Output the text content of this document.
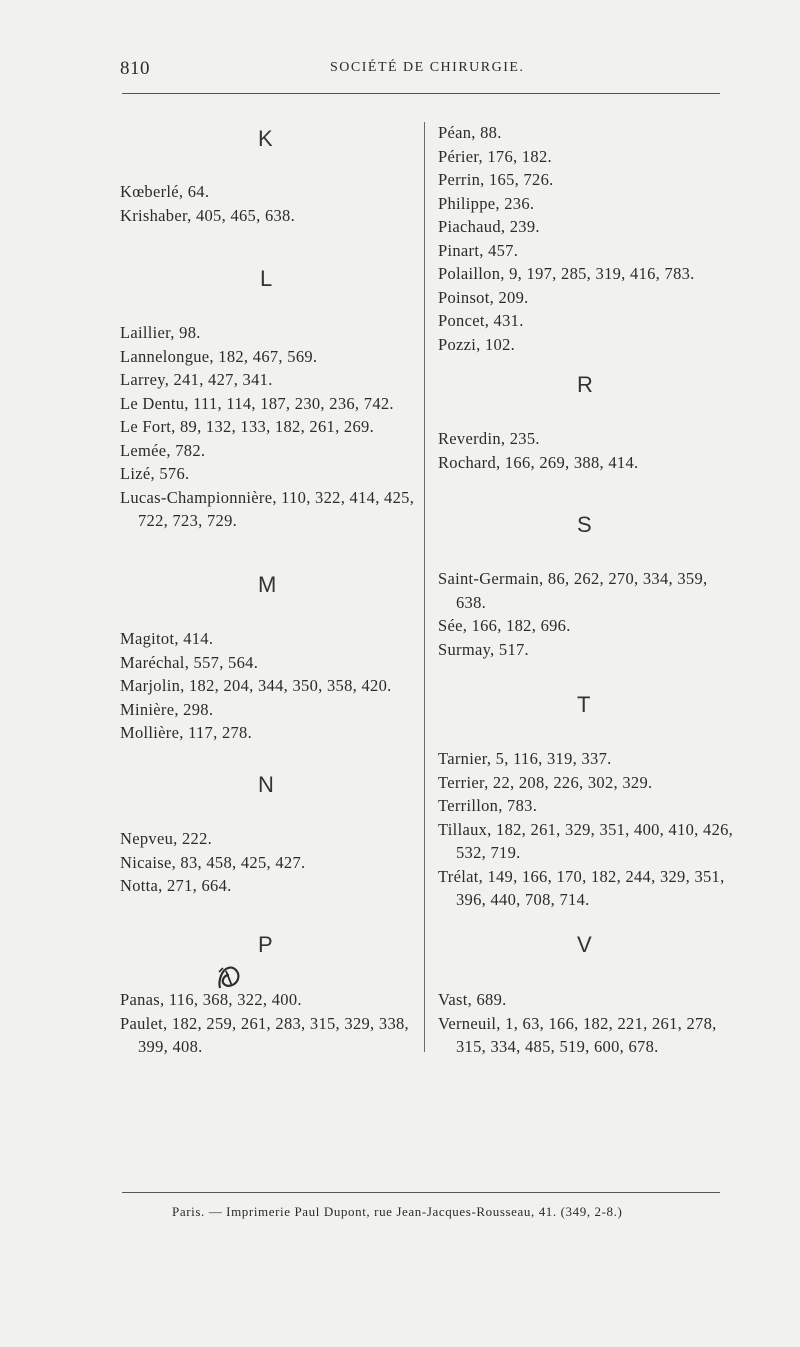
810	SOCIÉTÉ DE CHIRURGIE.
K
Kœberlé, 64.
Krishaber, 405, 465, 638.
L
Laillier, 98.
Lannelongue, 182, 467, 569.
Larrey, 241, 427, 341.
Le Dentu, 111, 114, 187, 230, 236, 742.
Le Fort, 89, 132, 133, 182, 261, 269.
Lemée, 782.
Lizé, 576.
Lucas-Championnière, 110, 322, 414, 425, 722, 723, 729.
M
Magitot, 414.
Maréchal, 557, 564.
Marjolin, 182, 204, 344, 350, 358, 420.
Minière, 298.
Mollière, 117, 278.
N
Nepveu, 222.
Nicaise, 83, 458, 425, 427.
Notta, 271, 664.
P
Panas, 116, 368, 322, 400.
Paulet, 182, 259, 261, 283, 315, 329, 338, 399, 408.
Péan, 88.
Périer, 176, 182.
Perrin, 165, 726.
Philippe, 236.
Piachaud, 239.
Pinart, 457.
Polaillon, 9, 197, 285, 319, 416, 783.
Poinsot, 209.
Poncet, 431.
Pozzi, 102.
R
Reverdin, 235.
Rochard, 166, 269, 388, 414.
S
Saint-Germain, 86, 262, 270, 334, 359, 638.
Sée, 166, 182, 696.
Surmay, 517.
T
Tarnier, 5, 116, 319, 337.
Terrier, 22, 208, 226, 302, 329.
Terrillon, 783.
Tillaux, 182, 261, 329, 351, 400, 410, 426, 532, 719.
Trélat, 149, 166, 170, 182, 244, 329, 351, 396, 440, 708, 714.
V
Vast, 689.
Verneuil, 1, 63, 166, 182, 221, 261, 278, 315, 334, 485, 519, 600, 678.
Paris. — Imprimerie Paul Dupont, rue Jean-Jacques-Rousseau, 41. (349, 2-8.)
